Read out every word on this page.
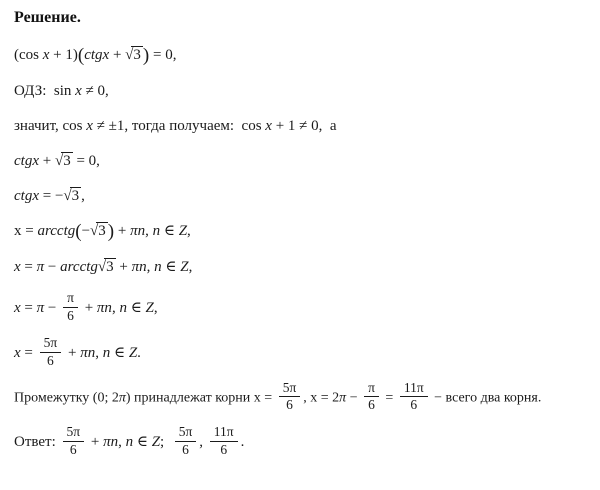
Решение.
(cos x + 1)(ctgx + √3 ) = 0,
ОДЗ:  sin x ≠ 0,
значит, cos x ≠ ±1, тогда получаем:  cos x + 1 ≠ 0,  а
ctgx + √3 = 0,
ctgx = −√3 ,
x = arcctg(−√3 ) + πn, n ∈ Z,
x = π − arcctg√3 + πn, n ∈ Z,
$x = \pi - \frac{\pi}{6} + \pi n$, n ∈ Z,
$x = \frac{5\pi}{6} + \pi n$, n ∈ Z.
Промежутку (0; 2π) принадлежат корни $x = \frac{5\pi}{6}$ , $x = 2\pi - \frac{\pi}{6} = \frac{11\pi}{6}$ − всего два корня.
Ответ: $\frac{5\pi}{6} + \pi n$, n ∈ Z; $\frac{5\pi}{6}$ , $\frac{11\pi}{6}$ .
